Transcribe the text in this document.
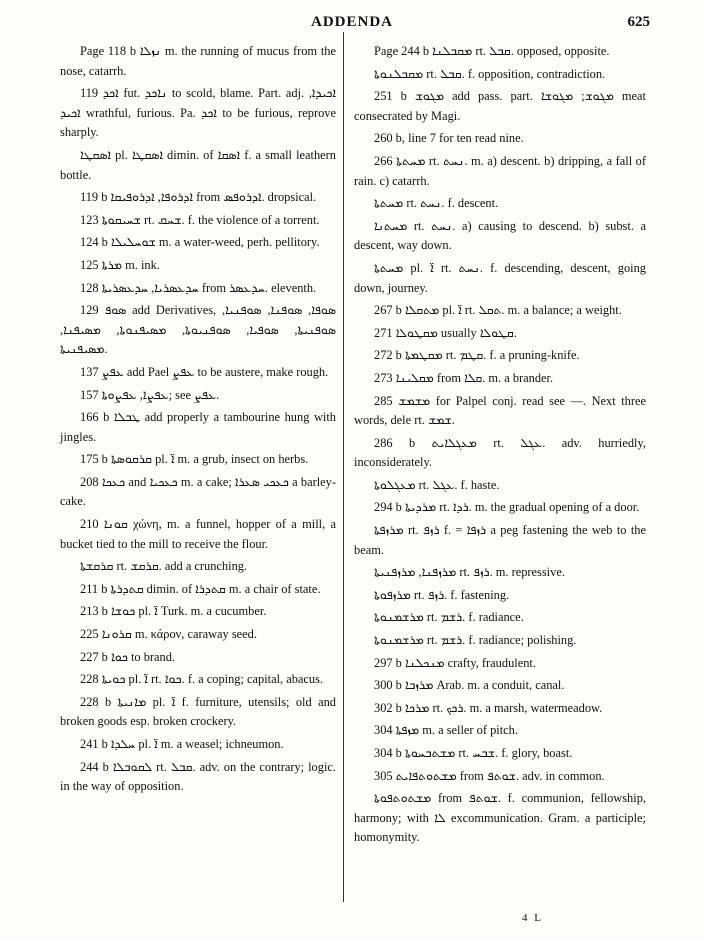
ADDENDA	625

Page 118 b ܢܙܠܐ m. the running of mucus from the nose, catarrh.

119 ܐܟܕ fut. ܢܐܟܕ to scold, blame. Part. adj. ܐܟܝܕܐ, ܐܟܝܕ wrathful, furious. Pa. ܐܟܕ to be furious, reprove sharply.

ܐܣܩܛܐ pl. ܐܣܩܛܐ dimin. of ܐܣܩܐ f. a small leathern bottle.

119 b ܐܕܪܘܦܐ, ܐܕܪܘܦܝܩܐ from ܐܕܪܘܦܣ. dropsical.

123 ܫܚܝܩܘܬܐ rt. ܫܚܩ. f. the violence of a torrent.

124 b ܫܘܚܠܝܠܐ m. a water-weed, perh. pellitory.

125 ܡܪܬܐ m. ink.

128 ܚܕܥܣܪܝܐ, ܚܕܥܣܪܝܬܐ from ܚܕܥܣܪ. eleventh.

129 ܣܘܦ add Derivatives, ܣܘܦܐ, ܣܘܦܢܐ, ܣܘܦܢܝܐ, ܣܘܦܢܝܬܐ, ܣܘܦܝܐ, ܣܘܦܢܝܘܬܐ, ܡܣܝܦܢܘܬܐ, ܡܣܝܦܢܐ, ܡܣܝܦܢܝܬܐ.

137 ܥܦܨ add Pael ܥܦܨ to be austere, make rough.

157 ܥܦܨܐ, ܥܦܨܘܬܐ; see ܥܦܨ.

166 b ܛܒܠܐ add properly a tambourine hung with jingles.

175 b ܩܪܩܘܣܬܐ pl. ܐ̈ m. a grub, insect on herbs.

208 ܟܥܟܐ and ܟܥܟܝܐ m. a cake; ܟܥܟܝ ܣܥܪܐ a barley-cake.

210 ܩܘܢܐ χώνη, m. a funnel, hopper of a mill, a bucket tied to the mill to receive the flour.

ܩܪܩܫܬܐ rt. ܩܪܩܫ. add a crunching.

211 b ܩܬܕܪܬܐ dimin. of ܩܬܕܪܐ m. a chair of state.

213 b ܟܘܫܐ pl. ܐ̈ Turk. m. a cucumber.

225 ܩܪܘܢܐ m. κάρον, caraway seed.

227 b ܟܘܐ to brand.

228 ܟܘܝܬܐ pl. ܐ̈ rt. ܟܘܐ. f. a coping; capital, abacus.

228 b ܡܐܢܝܬܐ pl. ܐ̈ f. furniture, utensils; old and broken goods esp. broken crockery.

241 b ܚܠܕܐ pl. ܐ̈ m. a weasel; ichneumon.

244 b ܠܩܘܒܠܐ rt. ܩܒܠ. adv. on the contrary; logic. in the way of opposition.

Page 244 b ܡܩܒܠܢܐ rt. ܩܒܠ. opposed, opposite.

ܡܩܒܠܢܘܬܐ rt. ܩܒܠ. f. opposition, contradiction.

251 b ܡܓܘܫ add pass. part. ܡܓܘܫ; ܡܓܘܫܐ meat consecrated by Magi.

260 b, line 7 for ten read nine.

266 ܡܚܬܬܐ rt. ܢܚܬ. m. a) descent. b) dripping, a fall of rain. c) catarrh.

ܡܚܬܬܐ rt. ܢܚܬ. f. descent.

ܡܚܬܢܐ rt. ܢܚܬ. a) causing to descend. b) subst. a descent, way down.

ܡܚܬܬܐ pl. ܐ̈ rt. ܢܚܬ. f. descending, descent, going down, journey.

267 b ܡܬܩܠܐ pl. ܐ̈ rt. ܬܩܠ. m. a balance; a weight.

271 ܡܩܛܘܠܐ usually ܩܛܘܠܐ.

272 b ܡܩܛܡܬܐ rt. ܩܛܡ. f. a pruning-knife.

273 ܡܩܠܝܢܐ from ܩܠܐ. m. a brander.

285 ܡܫܡܫ for Palpel conj. read see —. Next three words, dele rt. ܫܡܫ.

286 b ܡܥܓܠܐܝܬ rt. ܥܓܠ. adv. hurriedly, inconsiderately.

ܡܥܓܠܘܬܐ rt. ܥܓܠ. f. haste.

294 b ܡܪܕܝܬܐ rt. ܪܕܐ. m. the gradual opening of a door.

ܡܪܙܦܬܐ rt. ܪܙܦ f. = ܪܙܦܐ a peg fastening the web to the beam.

ܡܪܙܦܢܐ, ܡܪܙܦܢܝܬܐ rt. ܪܙܦ. m. repressive.

ܡܪܙܦܘܬܐ rt. ܪܙܦ. f. fastening.

ܡܪܫܡܢܘܬܐ rt. ܪܫܡ. f. radiance.

ܡܪܫܡܢܘܬܐ rt. ܪܫܡ. f. radiance; polishing.

297 b ܡܢܟܠܢܐ crafty, fraudulent.

300 b ܡܪܙܒܐ Arab. m. a conduit, canal.

302 b ܡܪܟܐ rt. ܪܟܟ. m. a marsh, watermeadow.

304 ܡܙܦܬܐ m. a seller of pitch.

304 b ܡܫܬܒܚܘܬܐ rt. ܫܒܚ. f. glory, boast.

305 ܡܫܬܘܬܦܐܝܬ from ܫܘܬܦ. adv. in common.

ܡܫܬܘܬܦܘܬܐ from ܫܘܬܦ. f. communion, fellowship, harmony; with ܠܐ excommunication. Gram. a participle; homonymity.

4 L
